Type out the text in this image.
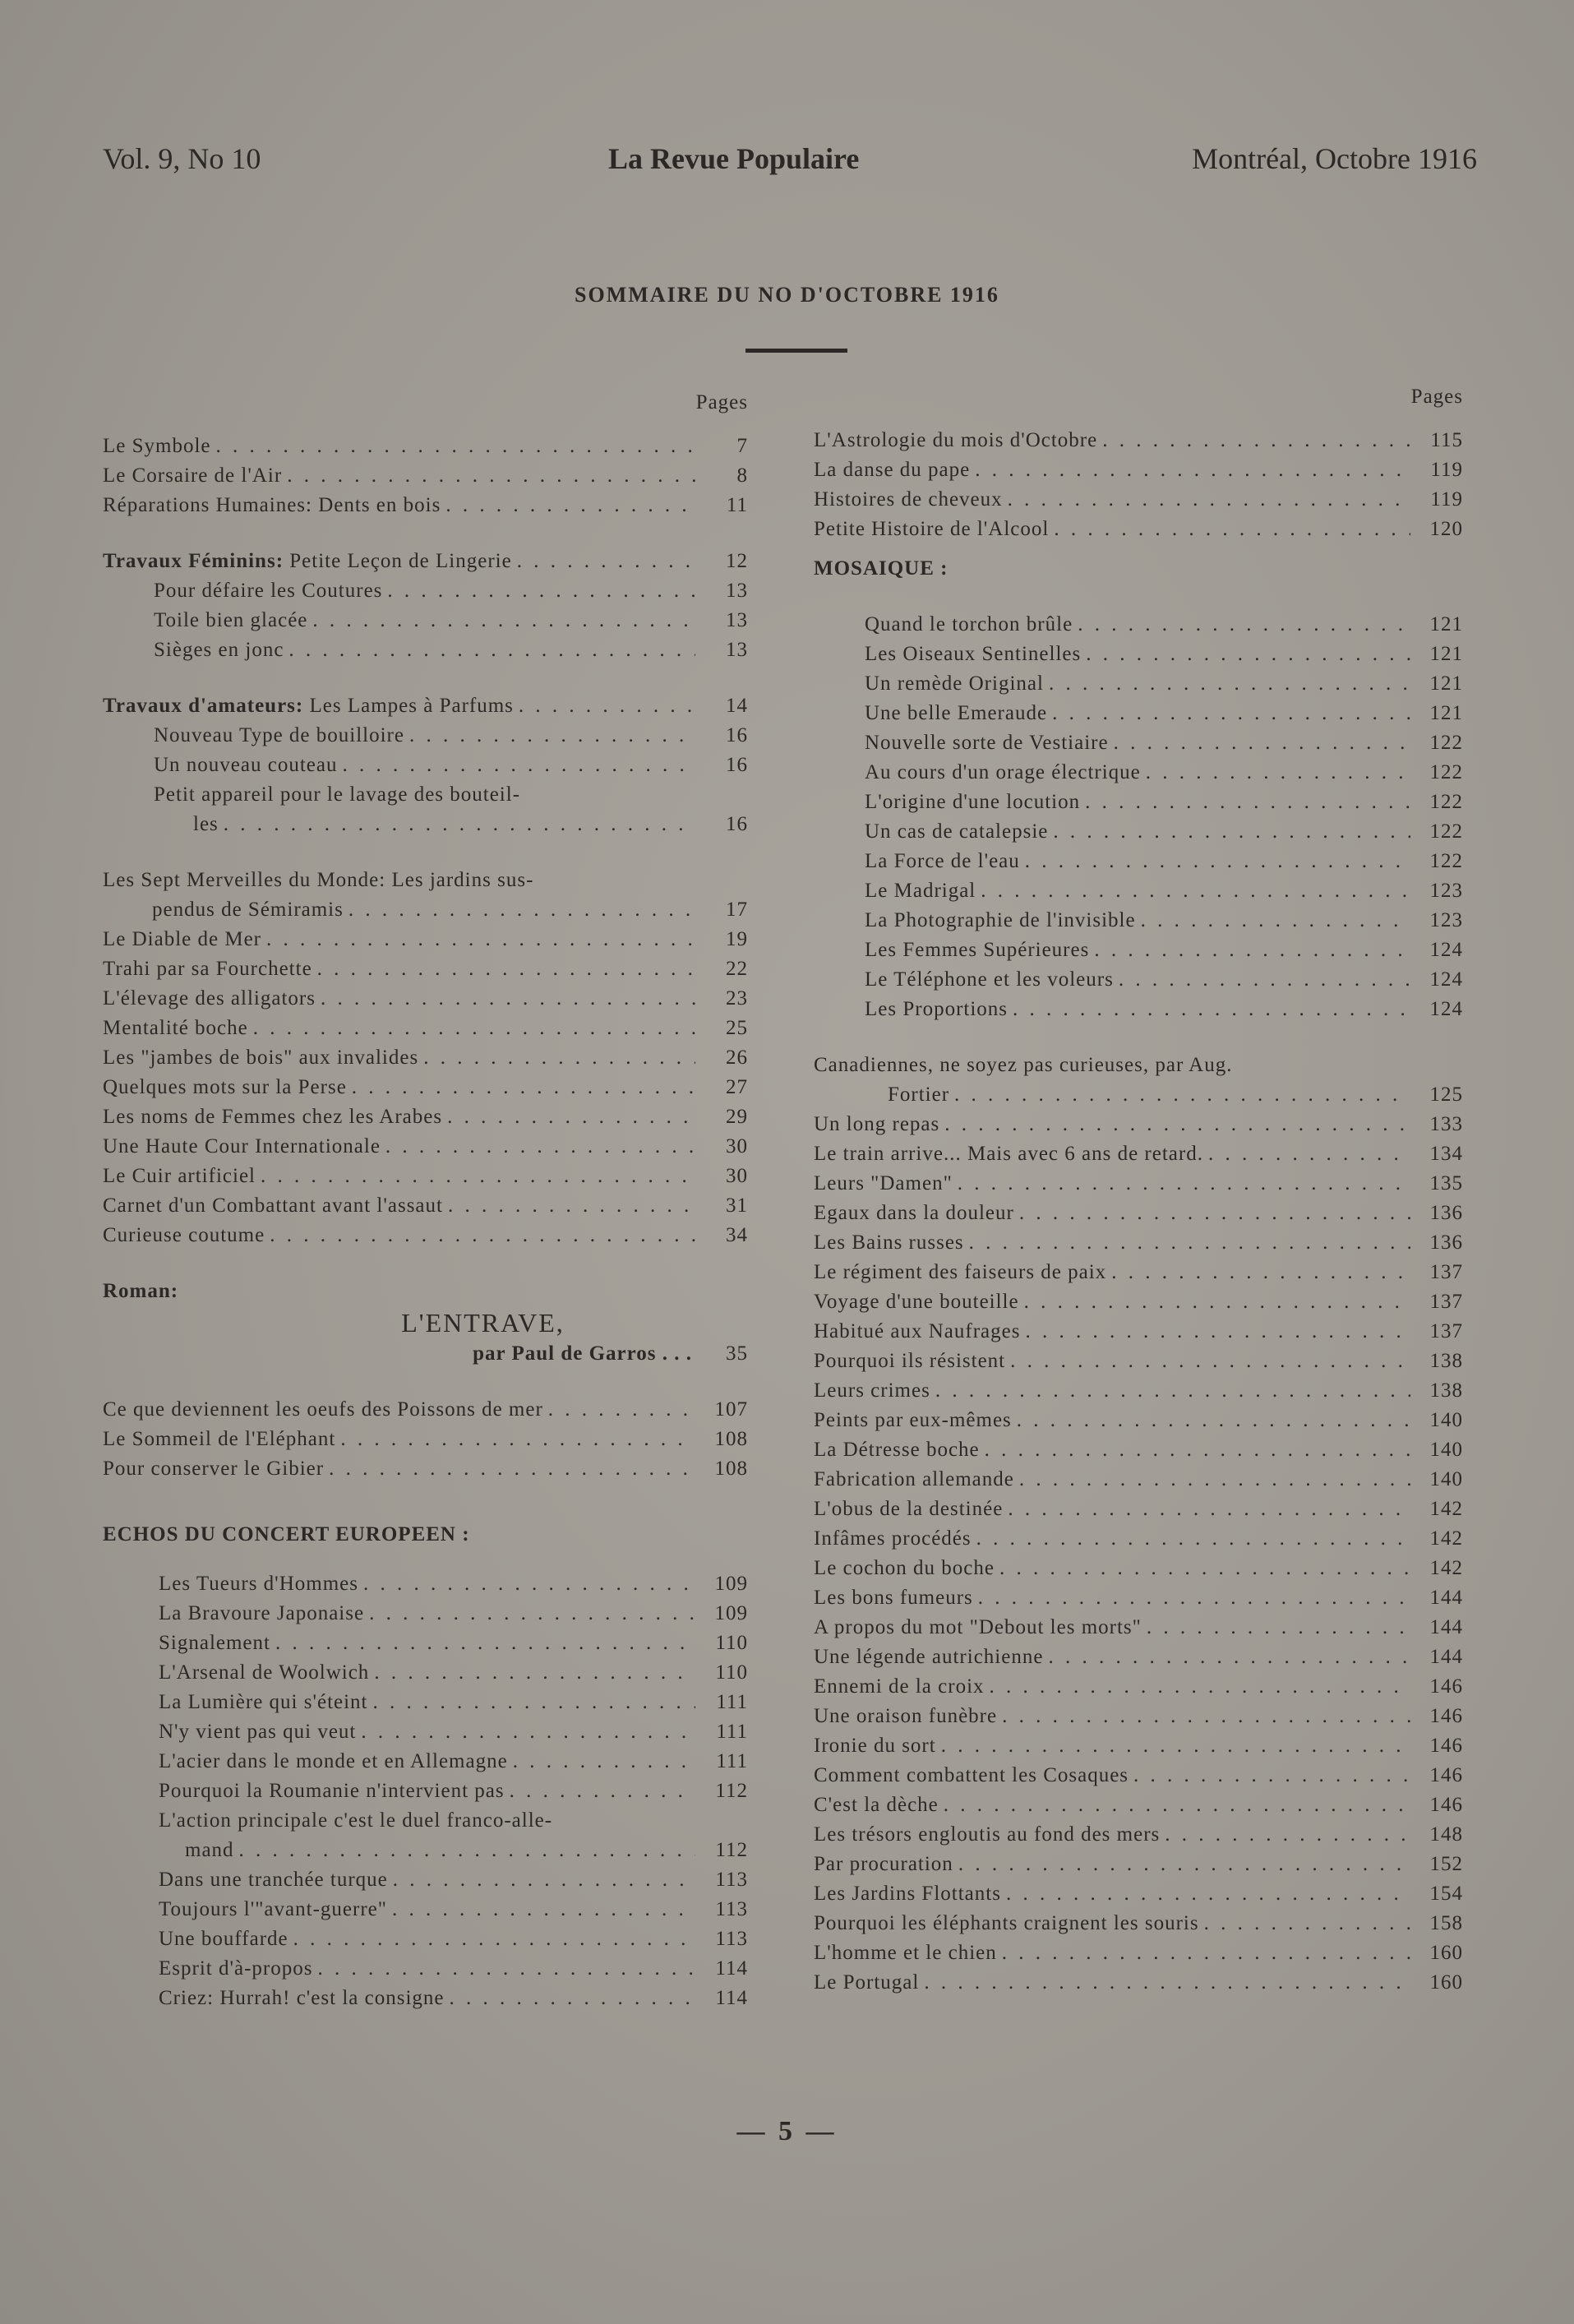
Vol. 9, No 10	La Revue Populaire	Montréal, Octobre 1916
SOMMAIRE DU NO D'OCTOBRE 1916
Pages
Le Symbole . . .	7
Le Corsaire de l'Air . . .	8
Réparations Humaines: Dents en bois . . .	11
Travaux Féminins: Petite Leçon de Lingerie . . .	12
Pour défaire les Coutures . . .	13
Toile bien glacée . . .	13
Sièges en jonc . . .	13
Travaux d'amateurs: Les Lampes à Parfums . . .	14
Nouveau Type de bouilloire . . .	16
Un nouveau couteau . . .	16
Petit appareil pour le lavage des bouteil-
les . . .	16
Les Sept Merveilles du Monde: Les jardins sus-
pendus de Sémiramis . . .	17
Le Diable de Mer . . .	19
Trahi par sa Fourchette . . .	22
L'élevage des alligators . . .	23
Mentalité boche . . .	25
Les "jambes de bois" aux invalides . . .	26
Quelques mots sur la Perse . . .	27
Les noms de Femmes chez les Arabes . . .	29
Une Haute Cour Internationale . . .	30
Le Cuir artificiel . . .	30
Carnet d'un Combattant avant l'assaut . . .	31
Curieuse coutume . . .	34
Roman:
L'ENTRAVE,
par Paul de Garros . . .	35
Ce que deviennent les oeufs des Poissons de mer . . .	107
Le Sommeil de l'Eléphant . . .	108
Pour conserver le Gibier . . .	108
ECHOS DU CONCERT EUROPEEN :
Les Tueurs d'Hommes . . .	109
La Bravoure Japonaise . . .	109
Signalement . . .	110
L'Arsenal de Woolwich . . .	110
La Lumière qui s'éteint . . .	111
N'y vient pas qui veut . . .	111
L'acier dans le monde et en Allemagne . . .	111
Pourquoi la Roumanie n'intervient pas . . .	112
L'action principale c'est le duel franco-alle-
mand . . .	112
Dans une tranchée turque . . .	113
Toujours l'"avant-guerre" . . .	113
Une bouffarde . . .	113
Esprit d'à-propos . . .	114
Criez: Hurrah! c'est la consigne . . .	114
Pages
L'Astrologie du mois d'Octobre . . .	115
La danse du pape . . .	119
Histoires de cheveux . . .	119
Petite Histoire de l'Alcool . . .	120
MOSAIQUE :
Quand le torchon brûle . . .	121
Les Oiseaux Sentinelles . . .	121
Un remède Original . . .	121
Une belle Emeraude . . .	121
Nouvelle sorte de Vestiaire . . .	122
Au cours d'un orage électrique . . .	122
L'origine d'une locution . . .	122
Un cas de catalepsie . . .	122
La Force de l'eau . . .	122
Le Madrigal . . .	123
La Photographie de l'invisible . . .	123
Les Femmes Supérieures . . .	124
Le Téléphone et les voleurs . . .	124
Les Proportions . . .	124
Canadiennes, ne soyez pas curieuses, par Aug.
Fortier . . .	125
Un long repas . . .	133
Le train arrive... Mais avec 6 ans de retard. . . .	134
Leurs "Damen" . . .	135
Egaux dans la douleur . . .	136
Les Bains russes . . .	136
Le régiment des faiseurs de paix . . .	137
Voyage d'une bouteille . . .	137
Habitué aux Naufrages . . .	137
Pourquoi ils résistent . . .	138
Leurs crimes . . .	138
Peints par eux-mêmes . . .	140
La Détresse boche . . .	140
Fabrication allemande . . .	140
L'obus de la destinée . . .	142
Infâmes procédés . . .	142
Le cochon du boche . . .	142
Les bons fumeurs . . .	144
A propos du mot "Debout les morts" . . .	144
Une légende autrichienne . . .	144
Ennemi de la croix . . .	146
Une oraison funèbre . . .	146
Ironie du sort . . .	146
Comment combattent les Cosaques . . .	146
C'est la dèche . . .	146
Les trésors engloutis au fond des mers . . .	148
Par procuration . . .	152
Les Jardins Flottants . . .	154
Pourquoi les éléphants craignent les souris . . .	158
L'homme et le chien . . .	160
Le Portugal . . .	160
— 5 —
